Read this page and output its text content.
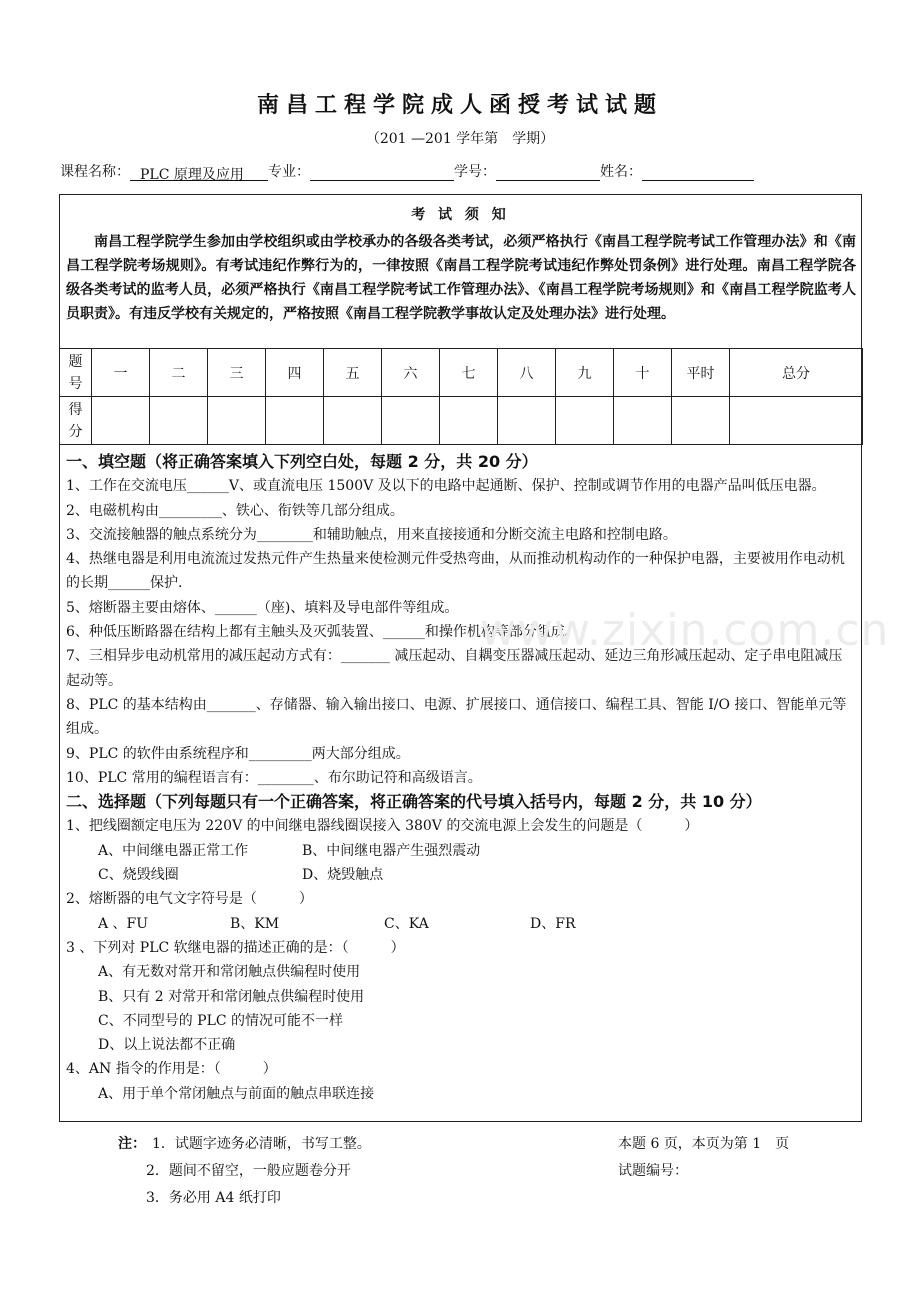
南昌工程学院成人函授考试试题
（201 —201 学年第　学期）
课程名称： PLC 原理及应用 专业：	学号：	姓名：
考 试 须 知
南昌工程学院学生参加由学校组织或由学校承办的各级各类考试，必须严格执行《南昌工程学院考试工作管理办法》和《南昌工程学院考场规则》。有考试违纪作弊行为的，一律按照《南昌工程学院考试违纪作弊处罚条例》进行处理。南昌工程学院各级各类考试的监考人员，必须严格执行《南昌工程学院考试工作管理办法》、《南昌工程学院考场规则》和《南昌工程学院监考人员职责》。有违反学校有关规定的，严格按照《南昌工程学院教学事故认定及处理办法》进行处理。
题号	一	二	三	四	五	六	七	八	九	十	平时	总分
得分												

一、填空题（将正确答案填入下列空白处，每题 2 分，共 20 分）

1、工作在交流电压______V、或直流电压 1500V 及以下的电路中起通断、保护、控制或调节作用的电器产品叫低压电器。

2、电磁机构由_________、铁心、衔铁等几部分组成。

3、交流接触器的触点系统分为________和辅助触点，用来直接接通和分断交流主电路和控制电路。

4、热继电器是利用电流流过发热元件产生热量来使检测元件受热弯曲，从而推动机构动作的一种保护电器，主要被用作电动机的长期______保护.

5、熔断器主要由熔体、______（座)、填料及导电部件等组成。

6、种低压断路器在结构上都有主触头及灭弧装置、______和操作机构等部分组成。

7、三相异步电动机常用的减压起动方式有：_______ 减压起动、自耦变压器减压起动、延边三角形减压起动、定子串电阻减压起动等。

8、PLC 的基本结构由_______、存储器、输入输出接口、电源、扩展接口、通信接口、编程工具、智能 I/O 接口、智能单元等组成。

9、PLC 的软件由系统程序和_________两大部分组成。

10、PLC 常用的编程语言有：________、布尔助记符和高级语言。

二、选择题（下列每题只有一个正确答案，将正确答案的代号填入括号内，每题 2 分，共 10 分）

1、把线圈额定电压为 220V 的中间继电器线圈误接入 380V 的交流电源上会发生的问题是（　　　）

A、中间继电器正常工作	B、中间继电器产生强烈震动

C、烧毁线圈	D、烧毁触点

2、熔断器的电气文字符号是（　　　）

A 、FU	B、KM	C、KA	D、FR

3 、下列对 PLC 软继电器的描述正确的是：（　　　）

A、有无数对常开和常闭触点供编程时使用

B、只有 2 对常开和常闭触点供编程时使用

C、不同型号的 PLC 的情况可能不一样

D、以上说法都不正确

4、AN 指令的作用是：（　　　）

A、用于单个常闭触点与前面的触点串联连接

www.zixin.com.cn
注： 1．试题字迹务必清晰，书写工整。	本题 6 页，本页为第 1　页
2．题间不留空，一般应题卷分开	试题编号：
3．务必用 A4 纸打印
